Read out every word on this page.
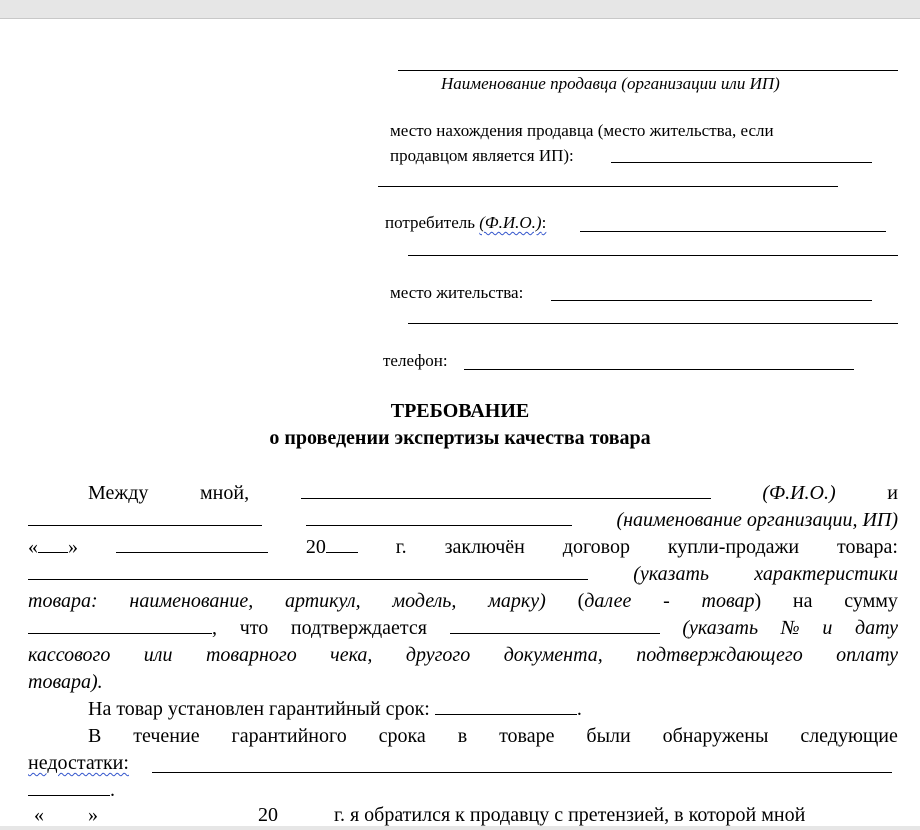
Наименование продавца (организации или ИП)
место нахождения продавца (место жительства, если
продавцом является ИП):
потребитель (Ф.И.О.):
место жительства:
телефон:
ТРЕБОВАНИЕ
о проведении экспертизы качества товара
Между	мной,	(Ф.И.О.)	и
(наименование организации, ИП)
« »	20	г. заключён договор купли-продажи товара:
(указать характеристики
товара: наименование, артикул, модель, марку) (далее - товар) на сумму
, что подтверждается	(указать № и дату
кассового или товарного чека, другого документа, подтверждающего оплату
товара).
На товар установлен гарантийный срок:	.
В течение гарантийного срока в товаре были обнаружены следующие
недостатки:
.
« »	20	г. я обратился к продавцу с претензией, в которой мной
